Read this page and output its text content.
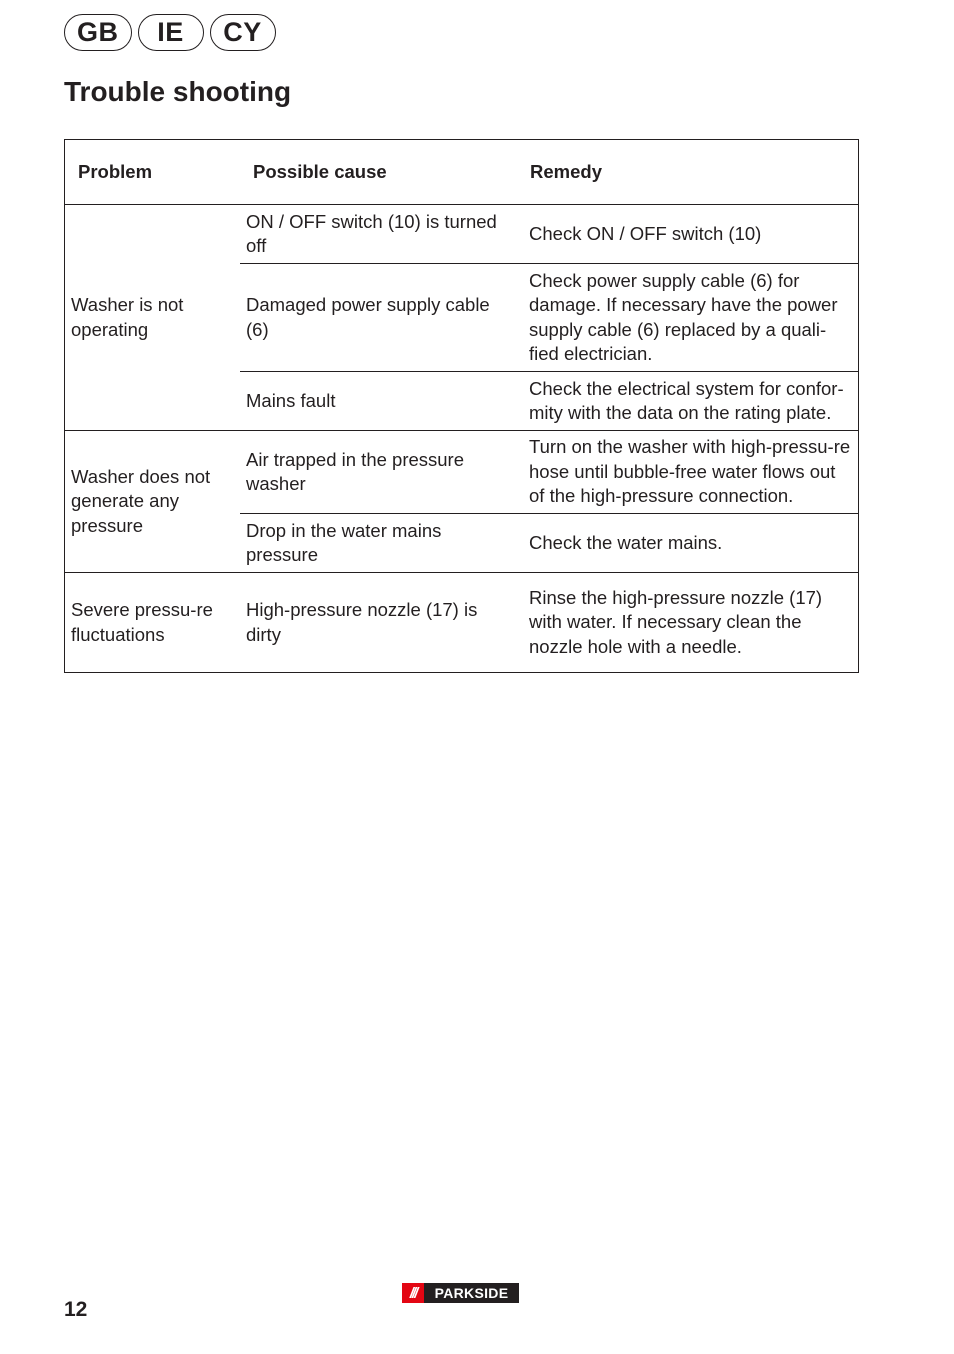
GB	IE	CY
Trouble shooting
Problem	Possible cause	Remedy
Washer is not operating	ON / OFF switch (10) is turned off	Check ON / OFF switch (10)
	Damaged power supply cable (6)	Check power supply cable (6) for damage. If necessary have the power supply cable (6) replaced by a quali-fied electrician.
	Mains fault	Check the electrical system for confor-mity with the data on the rating plate.
Washer does not generate any pressure	Air trapped in the pressure washer	Turn on the washer with high-pressu-re hose until bubble-free water flows out of the high-pressure connection.
	Drop in the water mains pressure	Check the water mains.
Severe pressu-re fluctuations	High-pressure nozzle (17) is dirty	Rinse the high-pressure nozzle (17) with water. If necessary clean the nozzle hole with a needle.
12
///	PARKSIDE
